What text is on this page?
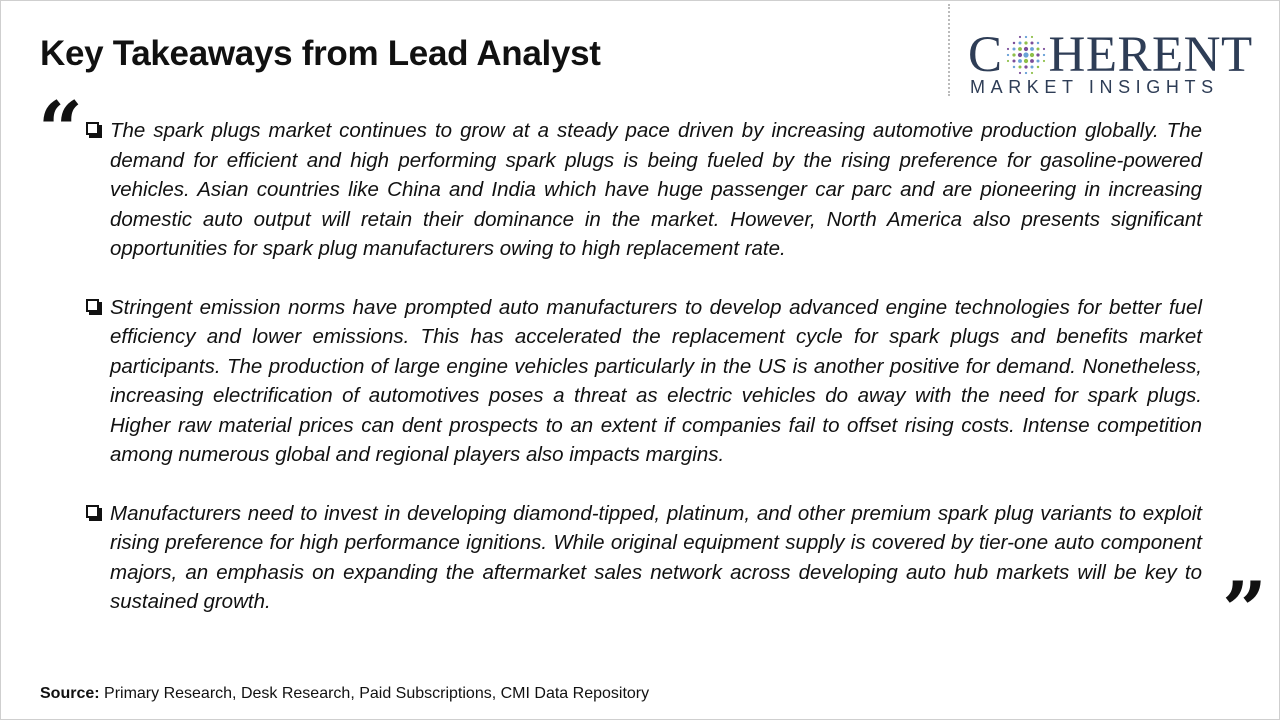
Key Takeaways from Lead Analyst	C HERENT
MARKET INSIGHTS
“ The spark plugs market continues to grow at a steady pace driven by increasing automotive production globally. The demand for efficient and high performing spark plugs is being fueled by the rising preference for gasoline-powered vehicles. Asian countries like China and India which have huge passenger car parc and are pioneering in increasing domestic auto output will retain their dominance in the market. However, North America also presents significant opportunities for spark plug manufacturers owing to high replacement rate.
Stringent emission norms have prompted auto manufacturers to develop advanced engine technologies for better fuel efficiency and lower emissions. This has accelerated the replacement cycle for spark plugs and benefits market participants. The production of large engine vehicles particularly in the US is another positive for demand. Nonetheless, increasing electrification of automotives poses a threat as electric vehicles do away with the need for spark plugs. Higher raw material prices can dent prospects to an extent if companies fail to offset rising costs. Intense competition among numerous global and regional players also impacts margins.
Manufacturers need to invest in developing diamond-tipped, platinum, and other premium spark plug variants to exploit rising preference for high performance ignitions. While original equipment supply is covered by tier-one auto component majors, an emphasis on expanding the aftermarket sales network across developing auto hub markets will be key to sustained growth.	”
Source: Primary Research, Desk Research, Paid Subscriptions, CMI Data Repository
